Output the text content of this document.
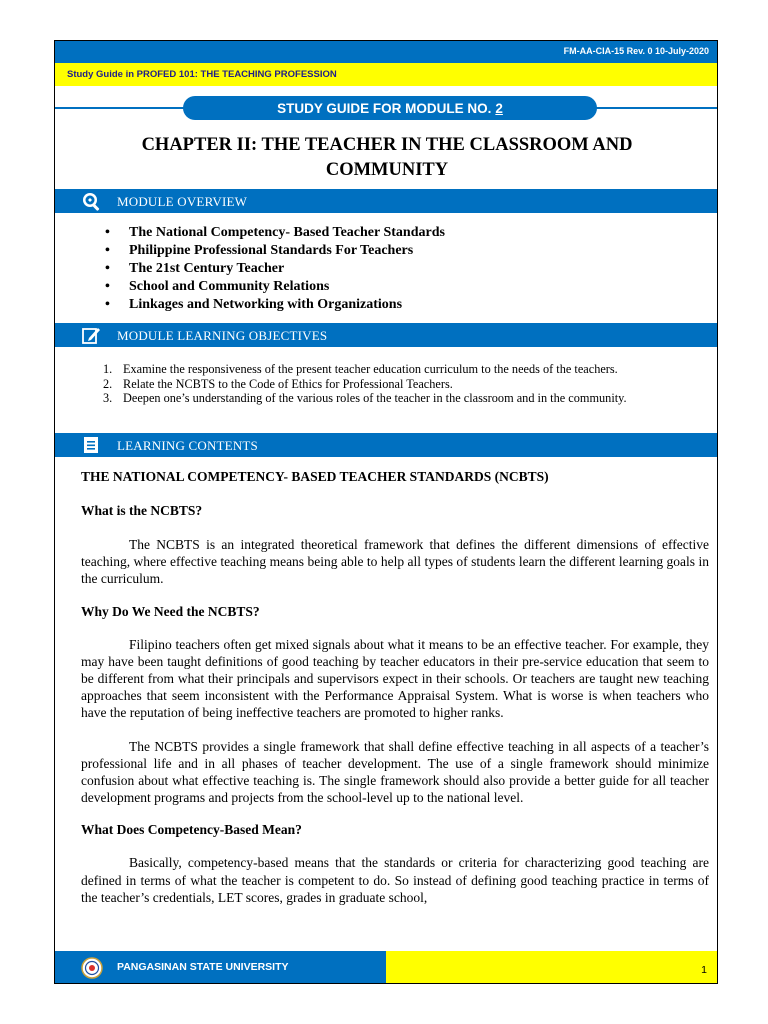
FM-AA-CIA-15 Rev. 0 10-July-2020
Study Guide in PROFED 101: THE TEACHING PROFESSION
STUDY GUIDE FOR MODULE NO. 2
CHAPTER II: THE TEACHER IN THE CLASSROOM AND COMMUNITY
MODULE OVERVIEW
• The National Competency- Based Teacher Standards
• Philippine Professional Standards For Teachers
• The 21st Century Teacher
• School and Community Relations
• Linkages and Networking with Organizations
MODULE LEARNING OBJECTIVES
1. Examine the responsiveness of the present teacher education curriculum to the needs of the teachers.
2. Relate the NCBTS to the Code of Ethics for Professional Teachers.
3. Deepen one’s understanding of the various roles of the teacher in the classroom and in the community.
LEARNING CONTENTS
THE NATIONAL COMPETENCY- BASED TEACHER STANDARDS (NCBTS)
What is the NCBTS?

The NCBTS is an integrated theoretical framework that defines the different dimensions of effective teaching, where effective teaching means being able to help all types of students learn the different learning goals in the curriculum.

Why Do We Need the NCBTS?

Filipino teachers often get mixed signals about what it means to be an effective teacher. For example, they may have been taught definitions of good teaching by teacher educators in their pre-service education that seem to be different from what their principals and supervisors expect in their schools. Or teachers are taught new teaching approaches that seem inconsistent with the Performance Appraisal System. What is worse is when teachers who have the reputation of being ineffective teachers are promoted to higher ranks.

The NCBTS provides a single framework that shall define effective teaching in all aspects of a teacher’s professional life and in all phases of teacher development. The use of a single framework should minimize confusion about what effective teaching is. The single framework should also provide a better guide for all teacher development programs and projects from the school-level up to the national level.

What Does Competency-Based Mean?

Basically, competency-based means that the standards or criteria for characterizing good teaching are defined in terms of what the teacher is competent to do. So instead of defining good teaching practice in terms of the teacher’s credentials, LET scores, grades in graduate school,

PANGASINAN STATE UNIVERSITY	1
